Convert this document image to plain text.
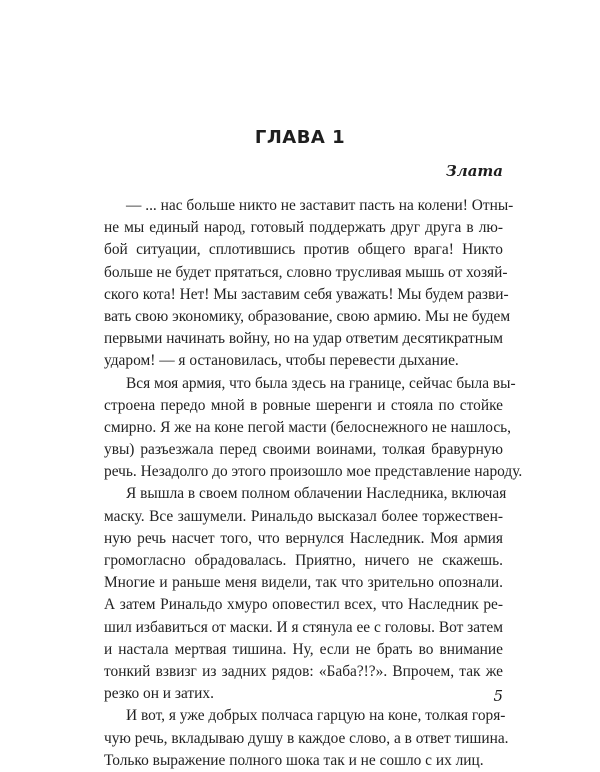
ГЛАВА 1
Злата
— ... нас больше никто не заставит пасть на колени! Отны-
не мы единый народ, готовый поддержать друг друга в лю-
бой ситуации, сплотившись против общего врага! Никто
больше не будет прятаться, словно трусливая мышь от хозяй-
ского кота! Нет! Мы заставим себя уважать! Мы будем разви-
вать свою экономику, образование, свою армию. Мы не будем
первыми начинать войну, но на удар ответим десятикратным
ударом! — я остановилась, чтобы перевести дыхание.
Вся моя армия, что была здесь на границе, сейчас была вы-
строена передо мной в ровные шеренги и стояла по стойке
смирно. Я же на коне пегой масти (белоснежного не нашлось,
увы) разъезжала перед своими воинами, толкая бравурную
речь. Незадолго до этого произошло мое представление народу.
Я вышла в своем полном облачении Наследника, включая
маску. Все зашумели. Ринальдо высказал более торжествен-
ную речь насчет того, что вернулся Наследник. Моя армия
громогласно обрадовалась. Приятно, ничего не скажешь.
Многие и раньше меня видели, так что зрительно опознали.
А затем Ринальдо хмуро оповестил всех, что Наследник ре-
шил избавиться от маски. И я стянула ее с головы. Вот затем
и настала мертвая тишина. Ну, если не брать во внимание
тонкий взвизг из задних рядов: «Баба?!?». Впрочем, так же
резко он и затих.
И вот, я уже добрых полчаса гарцую на коне, толкая горя-
чую речь, вкладываю душу в каждое слово, а в ответ тишина.
Только выражение полного шока так и не сошло с их лиц.
5
